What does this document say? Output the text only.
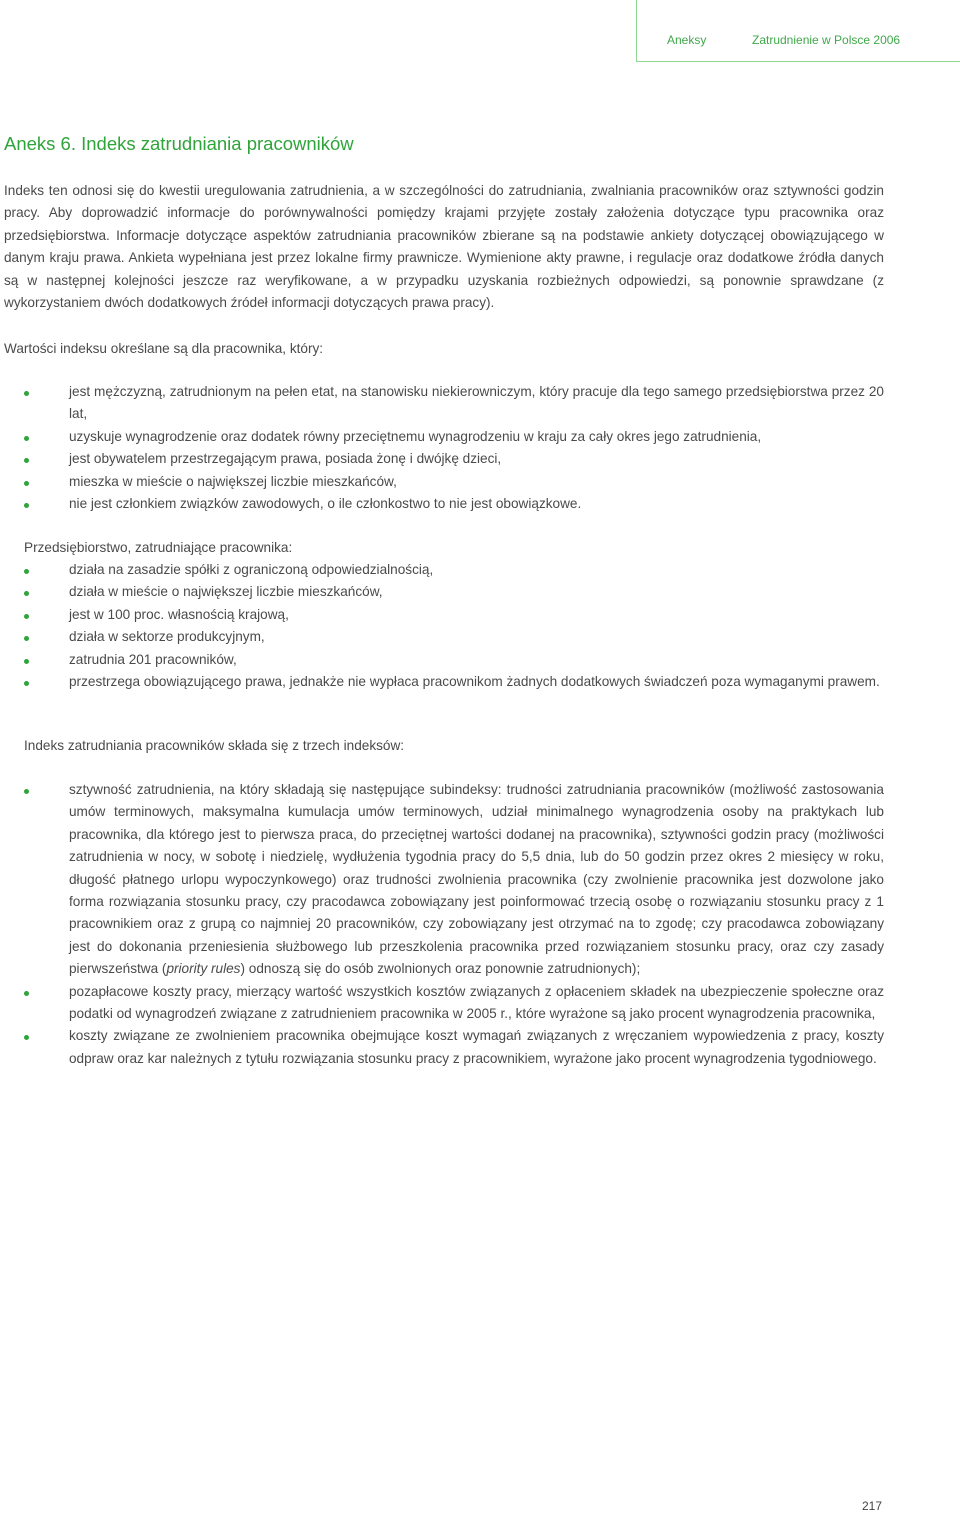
Aneksy	Zatrudnienie w Polsce 2006
Aneks 6. Indeks zatrudniania pracowników

Indeks ten odnosi się do kwestii uregulowania zatrudnienia, a w szczególności do zatrudniania, zwalniania pracowników oraz sztywności godzin pracy. Aby doprowadzić informacje do porównywalności pomiędzy krajami przyjęte zostały założenia dotyczące typu pracownika oraz przedsiębiorstwa. Informacje dotyczące aspektów zatrudniania pracowników zbierane są na podstawie ankiety dotyczącej obowiązującego w danym kraju prawa. Ankieta wypełniana jest przez lokalne firmy prawnicze. Wymienione akty prawne, i regulacje oraz dodatkowe źródła danych są w następnej kolejności jeszcze raz weryfikowane, a w przypadku uzyskania rozbieżnych odpowiedzi, są ponownie sprawdzane (z wykorzystaniem dwóch dodatkowych źródeł informacji dotyczących prawa pracy).

Wartości indeksu określane są dla pracownika, który:

jest mężczyzną, zatrudnionym na pełen etat, na stanowisku niekierowniczym, który pracuje dla tego samego przedsiębiorstwa przez 20 lat,
uzyskuje wynagrodzenie oraz dodatek równy przeciętnemu wynagrodzeniu w kraju za cały okres jego zatrudnienia,
jest obywatelem przestrzegającym prawa, posiada żonę i dwójkę dzieci,
mieszka w mieście o największej liczbie mieszkańców,
nie jest członkiem związków zawodowych, o ile członkostwo to nie jest obowiązkowe.

Przedsiębiorstwo, zatrudniające pracownika:

działa na zasadzie spółki z ograniczoną odpowiedzialnością,
działa w mieście o największej liczbie mieszkańców,
jest w 100 proc. własnością krajową,
działa w sektorze produkcyjnym,
zatrudnia 201 pracowników,
przestrzega obowiązującego prawa, jednakże nie wypłaca pracownikom żadnych dodatkowych świadczeń poza wymaganymi prawem.

Indeks zatrudniania pracowników składa się z trzech indeksów:

sztywność zatrudnienia, na który składają się następujące subindeksy: trudności zatrudniania pracowników (możliwość zastosowania umów terminowych, maksymalna kumulacja umów terminowych, udział minimalnego wynagrodzenia osoby na praktykach lub pracownika, dla którego jest to pierwsza praca, do przeciętnej wartości dodanej na pracownika), sztywności godzin pracy (możliwości zatrudnienia w nocy, w sobotę i niedzielę, wydłużenia tygodnia pracy do 5,5 dnia, lub do 50 godzin przez okres 2 miesięcy w roku, długość płatnego urlopu wypoczynkowego) oraz trudności zwolnienia pracownika (czy zwolnienie pracownika jest dozwolone jako forma rozwiązania stosunku pracy, czy pracodawca zobowiązany jest poinformować trzecią osobę o rozwiązaniu stosunku pracy z 1 pracownikiem oraz z grupą co najmniej 20 pracowników, czy zobowiązany jest otrzymać na to zgodę; czy pracodawca zobowiązany jest do dokonania przeniesienia służbowego lub przeszkolenia pracownika przed rozwiązaniem stosunku pracy, oraz czy zasady pierwszeństwa (priority rules) odnoszą się do osób zwolnionych oraz ponownie zatrudnionych);
pozapłacowe koszty pracy, mierzący wartość wszystkich kosztów związanych z opłaceniem składek na ubezpieczenie społeczne oraz podatki od wynagrodzeń związane z zatrudnieniem pracownika w 2005 r., które wyrażone są jako procent wynagrodzenia pracownika,
koszty związane ze zwolnieniem pracownika obejmujące koszt wymagań związanych z wręczaniem wypowiedzenia z pracy, koszty odpraw oraz kar należnych z tytułu rozwiązania stosunku pracy z pracownikiem, wyrażone jako procent wynagrodzenia tygodniowego.
217
